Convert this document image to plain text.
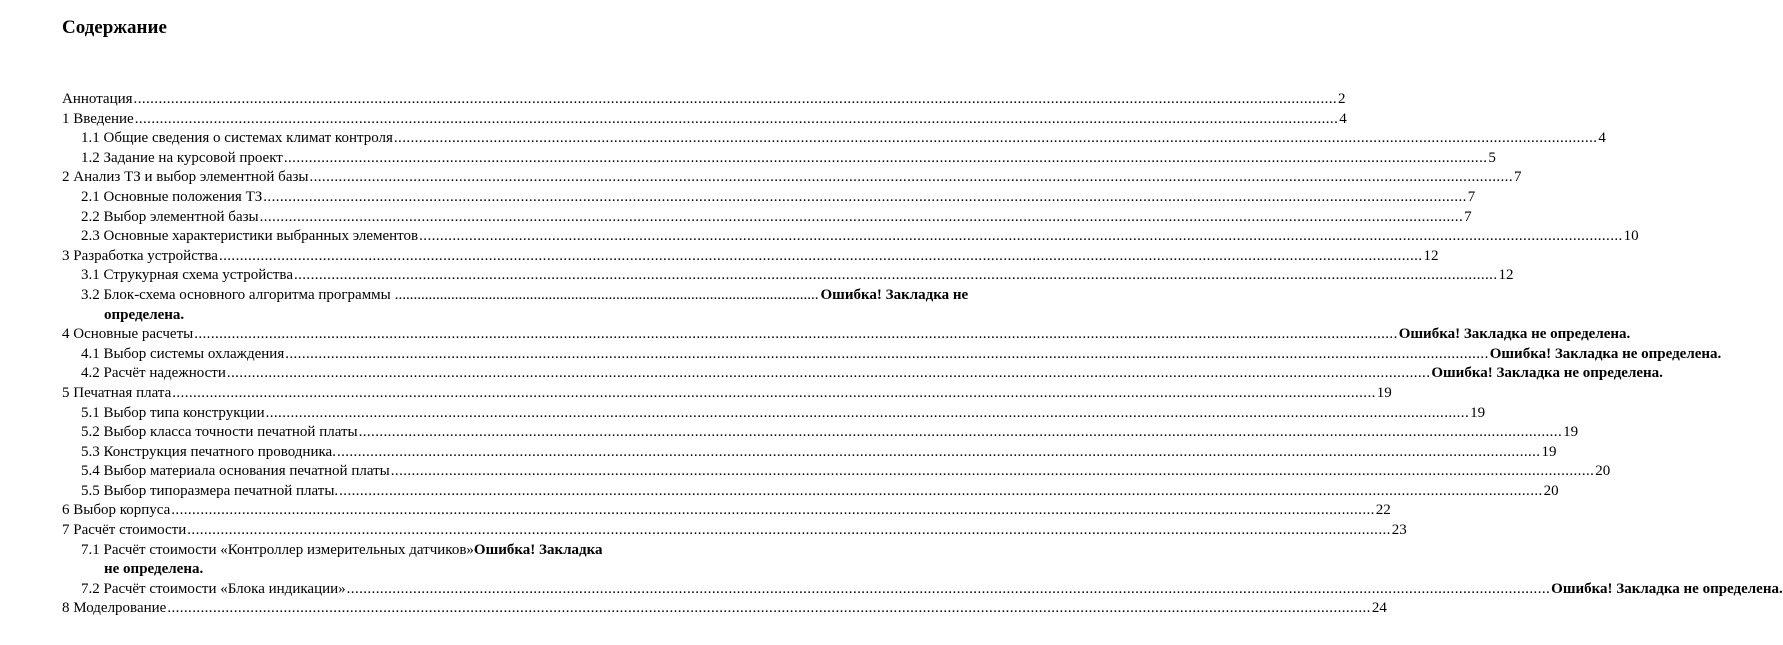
Содержание
Аннотация .....	2
1 Введение .....	4
1.1 Общие сведения о системах климат контроля .....	4
1.2 Задание на курсовой проект .....	5
2 Анализ ТЗ и выбор элементной базы .....	7
2.1 Основные положения ТЗ .....	7
2.2 Выбор элементной базы .....	7
2.3 Основные характеристики выбранных элементов .....	10
3 Разработка устройства .....	12
3.1 Струкурная схема устройства .....	12
3.2 Блок-схема основного алгоритма программы ................................................................................................................. Ошибка! Закладка не
определена.
4 Основные расчеты .....	Ошибка! Закладка не определена.
4.1 Выбор системы охлаждения .....	Ошибка! Закладка не определена.
4.2 Расчёт надежности .....	Ошибка! Закладка не определена.
5 Печатная плата .....	19
5.1 Выбор типа конструкции .....	19
5.2 Выбор класса точности печатной платы .....	19
5.3 Конструкция печатного проводника. .....	19
5.4 Выбор материала основания печатной платы .....	20
5.5 Выбор типоразмера печатной платы. .....	20
6 Выбор корпуса .....	22
7 Расчёт стоимости .....	23
7.1 Расчёт стоимости «Контроллер измерительных датчиков» Ошибка! Закладка
не определена.
7.2 Расчёт стоимости «Блока индикации» .....	Ошибка! Закладка не определена.
8 Моделрование .....	24
